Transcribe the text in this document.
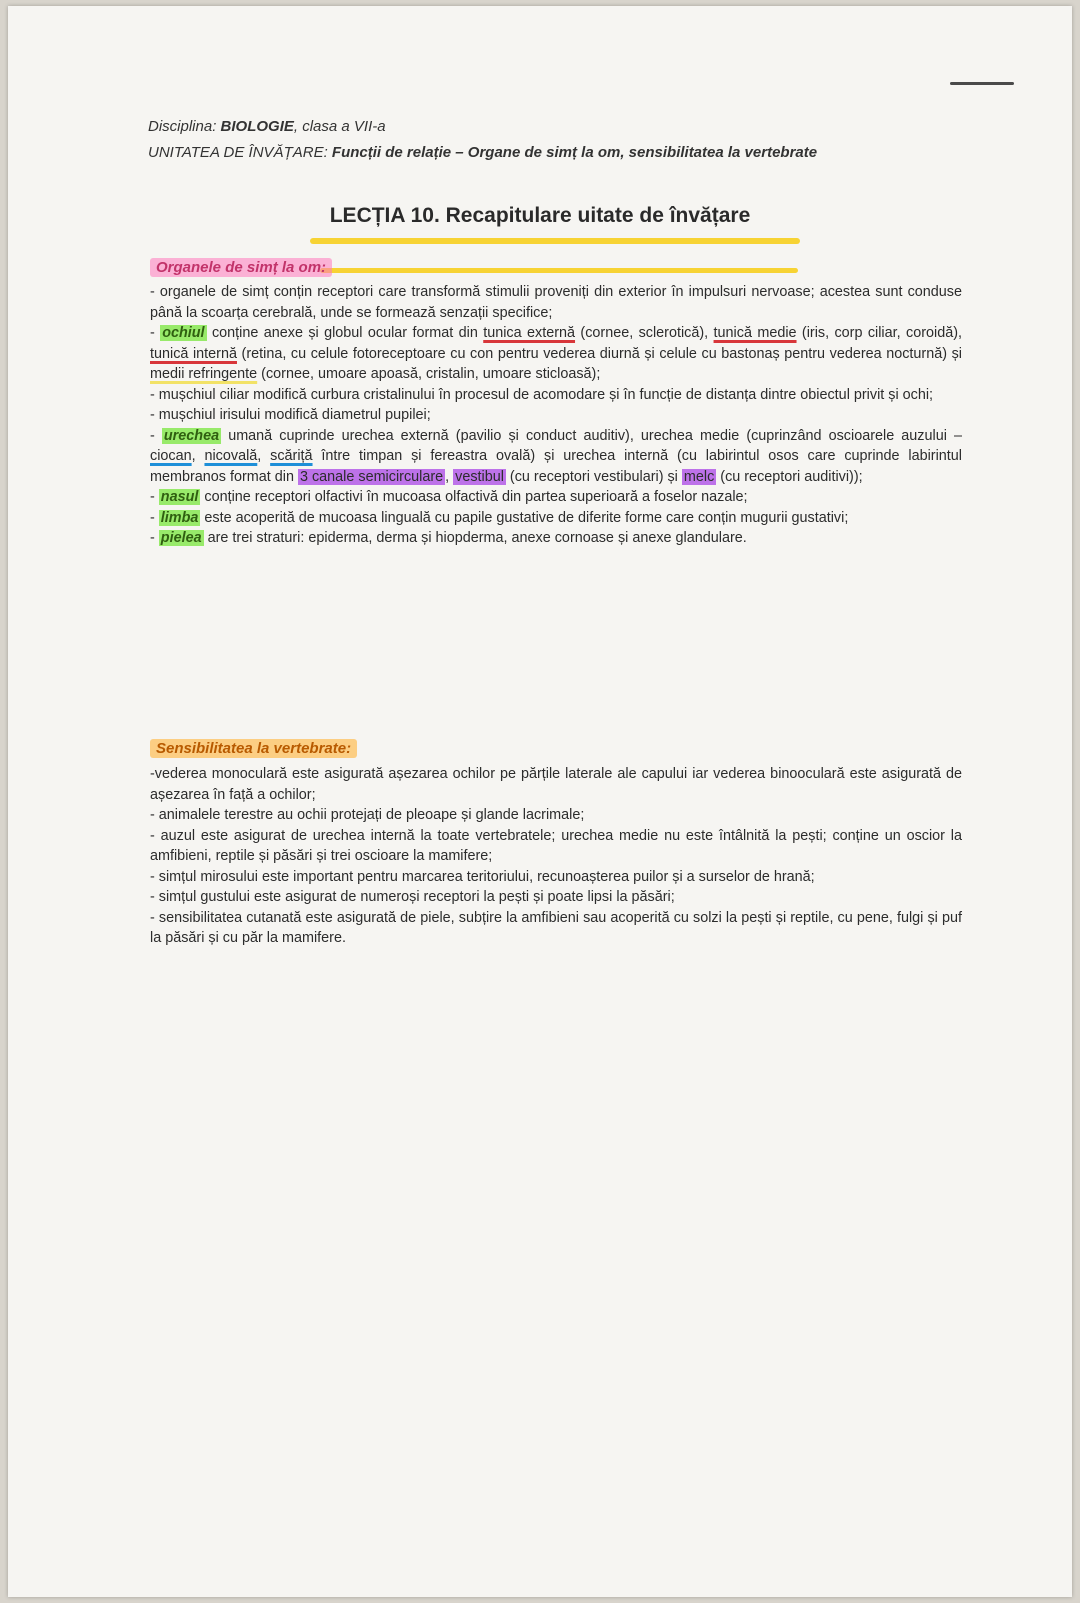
Disciplina: BIOLOGIE, clasa a VII-a
UNITATEA DE ÎNVĂȚARE: Funcții de relație – Organe de simț la om, sensibilitatea la vertebrate
LECȚIA 10. Recapitulare uitate de învățare
Organele de simț la om:

- organele de simț conțin receptori care transformă stimulii proveniți din exterior în impulsuri nervoase; acestea sunt conduse până la scoarța cerebrală, unde se formează senzații specifice;

- ochiul conține anexe și globul ocular format din tunica externă (cornee, sclerotică), tunică medie (iris, corp ciliar, coroidă), tunică internă (retina, cu celule fotoreceptoare cu con pentru vederea diurnă și celule cu bastonaș pentru vederea nocturnă) și medii refringente (cornee, umoare apoasă, cristalin, umoare sticloasă);

- mușchiul ciliar modifică curbura cristalinului în procesul de acomodare și în funcție de distanța dintre obiectul privit și ochi;

- mușchiul irisului modifică diametrul pupilei;

- urechea umană cuprinde urechea externă (pavilio și conduct auditiv), urechea medie (cuprinzând oscioarele auzului – ciocan, nicovală, scăriță între timpan și fereastra ovală) și urechea internă (cu labirintul osos care cuprinde labirintul membranos format din 3 canale semicirculare , vestibul (cu receptori vestibulari) și melc (cu receptori auditivi));

- nasul conține receptori olfactivi în mucoasa olfactivă din partea superioară a foselor nazale;

- limba este acoperită de mucoasa linguală cu papile gustative de diferite forme care conțin mugurii gustativi;

- pielea are trei straturi: epiderma, derma și hiopderma, anexe cornoase și anexe glandulare.

Sensibilitatea la vertebrate:

-vederea monoculară este asigurată așezarea ochilor pe părțile laterale ale capului iar vederea binooculară este asigurată de așezarea în față a ochilor;

- animalele terestre au ochii protejați de pleoape și glande lacrimale;

- auzul este asigurat de urechea internă la toate vertebratele; urechea medie nu este întâlnită la pești; conține un oscior la amfibieni, reptile și păsări și trei oscioare la mamifere;

- simțul mirosului este important pentru marcarea teritoriului, recunoașterea puilor și a surselor de hrană;

- simțul gustului este asigurat de numeroși receptori la pești și poate lipsi la păsări;

- sensibilitatea cutanată este asigurată de piele, subțire la amfibieni sau acoperită cu solzi la pești și reptile, cu pene, fulgi și puf la păsări și cu păr la mamifere.
